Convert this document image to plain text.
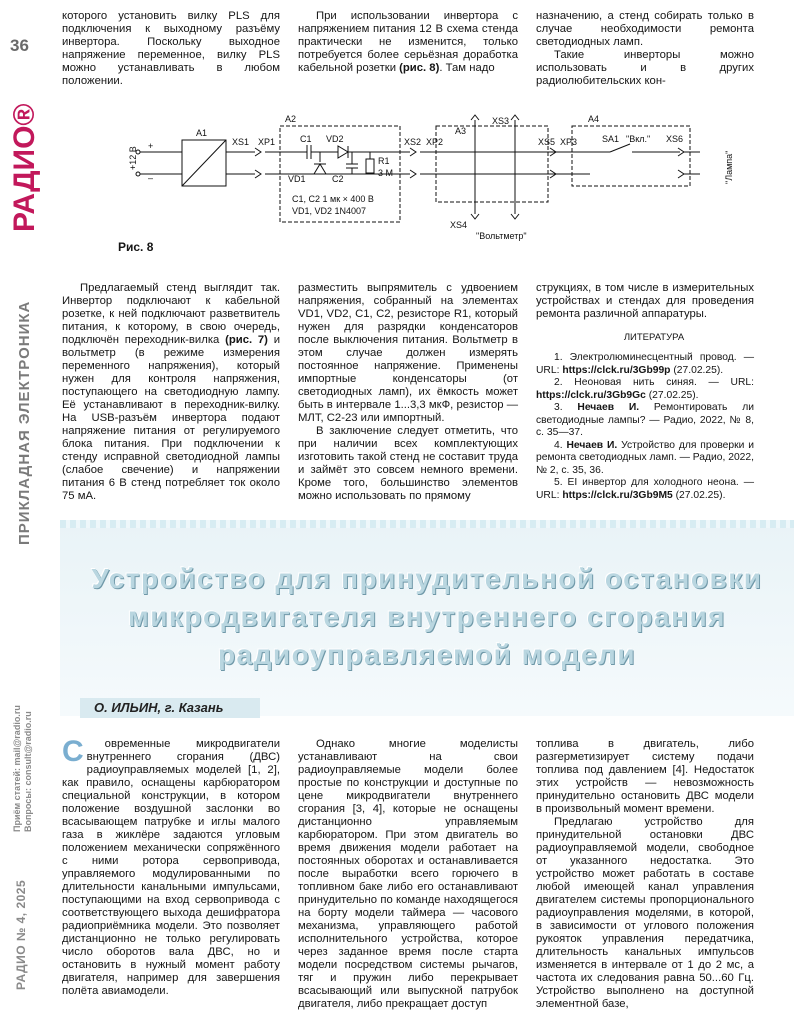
36
РАДИО®
ПРИКЛАДНАЯ ЭЛЕКТРОНИКА
Приём статей: mail@radio.ru Вопросы: consult@radio.ru
РАДИО № 4, 2025

которого установить вилку PLS для подключения к выходному разъёму инвертора. Поскольку выходное напряжение переменное, вилку PLS можно устанавливать в любом положении.

При использовании инвертора с напряжением питания 12 В схема стенда практически не изменится, только потребуется более серьёзная доработка кабельной розетки (рис. 8). Там надо

назначению, а стенд собирать только в случае необходимости ремонта светодиодных ламп.

Такие инверторы можно использовать и в других радиолюбительских кон-

+12 В
+
–
A1
XS1 XP1
A2
C1 VD2
VD1	C2
R1
3 М
C1, C2 1 мк × 400 В
VD1, VD2 1N4007
XS2 XP2
A3
XS3
XS4
"Вольтметр"
XS5 XP3
A4
SA1 "Вкл." XS6
"Лампа"
Рис. 8

Предлагаемый стенд выглядит так. Инвертор подключают к кабельной розетке, к ней подключают разветвитель питания, к которому, в свою очередь, подключён переходник-вилка (рис. 7) и вольтметр (в режиме измерения переменного напряжения), который нужен для контроля напряжения, поступающего на светодиодную лампу. Её устанавливают в переходник-вилку. На USB-разъём инвертора подают напряжение питания от регулируемого блока питания. При подключении к стенду исправной светодиодной лампы (слабое свечение) и напряжении питания 6 В стенд потребляет ток около 75 мА.

разместить выпрямитель с удвоением напряжения, собранный на элементах VD1, VD2, C1, C2, резисторе R1, который нужен для разрядки конденсаторов после выключения питания. Вольтметр в этом случае должен измерять постоянное напряжение. Применены импортные конденсаторы (от светодиодных ламп), их ёмкость может быть в интервале 1...3,3 мкФ, резистор — МЛТ, С2-23 или импортный.

В заключение следует отметить, что при наличии всех комплектующих изготовить такой стенд не составит труда и займёт это совсем немного времени. Кроме того, большинство элементов можно использовать по прямому

струкциях, в том числе в измерительных устройствах и стендах для проведения ремонта различной аппаратуры.

ЛИТЕРАТУРА

1. Электролюминесцентный провод. — URL: https://clck.ru/3Gb99p (27.02.25).

2. Неоновая нить синяя. — URL: https://clck.ru/3Gb9Gc (27.02.25).

3. Нечаев И. Ремонтировать ли светодиодные лампы? — Радио, 2022, № 8, с. 35—37.

4. Нечаев И. Устройство для проверки и ремонта светодиодных ламп. — Радио, 2022, № 2, с. 35, 36.

5. EI инвертор для холодного неона. — URL: https://clck.ru/3Gb9M5 (27.02.25).

Устройство для принудительной остановки
микродвигателя внутреннего сгорания
радиоуправляемой модели
О. ИЛЬИН, г. Казань

С овременные микродвигатели внутреннего сгорания (ДВС) радиоуправляемых моделей [1, 2], как правило, оснащены карбюратором специальной конструкции, в котором положение воздушной заслонки во всасывающем патрубке и иглы малого газа в жиклёре задаются угловым положением механически сопряжённого с ними ротора сервопривода, управляемого модулированными по длительности канальными импульсами, поступающими на вход сервопривода с соответствующего выхода дешифратора радиоприёмника модели. Это позволяет дистанционно не только регулировать число оборотов вала ДВС, но и остановить в нужный момент работу двигателя, например для завершения полёта авиамодели.

Однако многие моделисты устанавливают на свои радиоуправляемые модели более простые по конструкции и доступные по цене микродвигатели внутреннего сгорания [3, 4], которые не оснащены дистанционно управляемым карбюратором. При этом двигатель во время движения модели работает на постоянных оборотах и останавливается после выработки всего горючего в топливном баке либо его останавливают принудительно по команде находящегося на борту модели таймера — часового механизма, управляющего работой исполнительного устройства, которое через заданное время после старта модели посредством системы рычагов, тяг и пружин либо перекрывает всасывающий или выпускной патрубок двигателя, либо прекращает доступ

топлива в двигатель, либо разгерметизирует систему подачи топлива под давлением [4]. Недостаток этих устройств — невозможность принудительно остановить ДВС модели в произвольный момент времени.

Предлагаю устройство для принудительной остановки ДВС радиоуправляемой модели, свободное от указанного недостатка. Это устройство может работать в составе любой имеющей канал управления двигателем системы пропорционального радиоуправления моделями, в которой, в зависимости от углового положения рукояток управления передатчика, длительность канальных импульсов изменяется в интервале от 1 до 2 мс, а частота их следования равна 50...60 Гц. Устройство выполнено на доступной элементной базе,
